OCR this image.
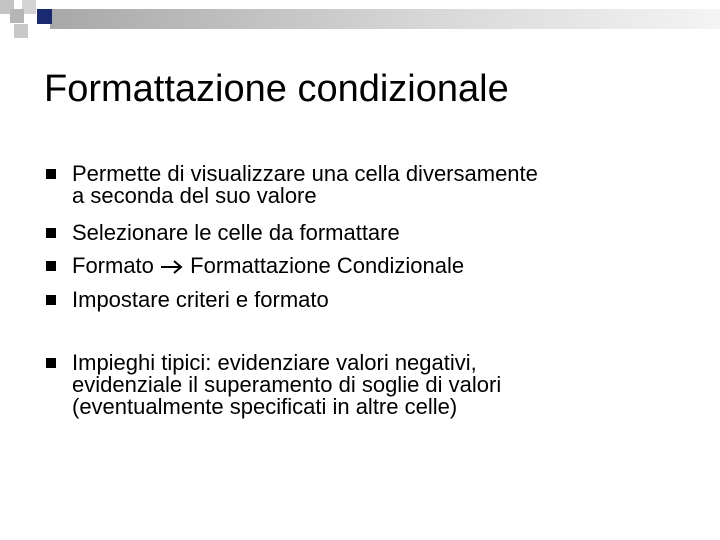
Formattazione condizionale
Permette di visualizzare una cella diversamente
a seconda del suo valore
Selezionare le celle da formattare
Formato  Formattazione Condizionale
Impostare criteri e formato
Impieghi tipici: evidenziare valori negativi,
evidenziale il superamento di soglie di valori
(eventualmente specificati in altre celle)
